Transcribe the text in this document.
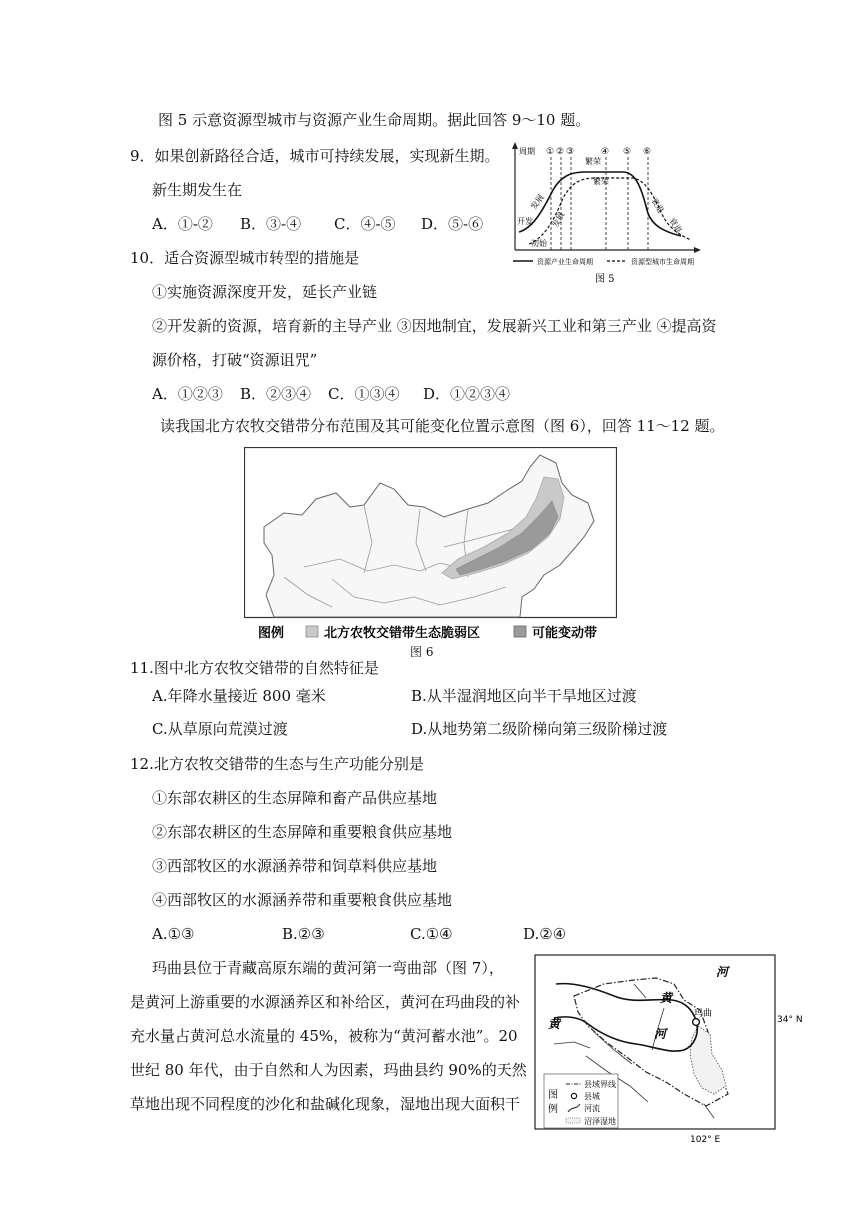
图 5 示意资源型城市与资源产业生命周期。据此回答 9～10 题。
9．如果创新路径合适，城市可持续发展，实现新生期。
新生期发生在
A．①-② B．③-④ C．④-⑤ D．⑤-⑥
10．适合资源型城市转型的措施是
①实施资源深度开发，延长产业链
②开发新的资源，培育新的主导产业 ③因地制宜，发展新兴工业和第三产业 ④提高资
源价格，打破“资源诅咒”
A．①②③ B．②③④ C．①③④ D．①②③④
周期 ① ② ③	④ ⑤ ⑥
繁荣
繁荣
发展
发展
开发
初始
衰退
衰退
资源产业生命周期	资源型城市生命周期
图 5
读我国北方农牧交错带分布范围及其可能变化位置示意图（图 6），回答 11～12 题。
图例	北方农牧交错带生态脆弱区	可能变动带
图 6
11.图中北方农牧交错带的自然特征是
A.年降水量接近 800 毫米	B.从半湿润地区向半干旱地区过渡
C.从草原向荒漠过渡	D.从地势第二级阶梯向第三级阶梯过渡
12.北方农牧交错带的生态与生产功能分别是
①东部农耕区的生态屏障和畜产品供应基地
②东部农耕区的生态屏障和重要粮食供应基地
③西部牧区的水源涵养带和饲草料供应基地
④西部牧区的水源涵养带和重要粮食供应基地
A.①③	B.②③	C.①④	D.②④
玛曲县位于青藏高原东端的黄河第一弯曲部（图 7），
是黄河上游重要的水源涵养区和补给区，黄河在玛曲段的补
充水量占黄河总水流量的 45%，被称为“黄河蓄水池”。20
世纪 80 年代，由于自然和人为因素，玛曲县约 90%的天然
草地出现不同程度的沙化和盐碱化现象，湿地出现大面积干
河
黄
黄
河
玛曲
34° N
102° E
图
例
县域界线
县城
河流
沼泽湿地
